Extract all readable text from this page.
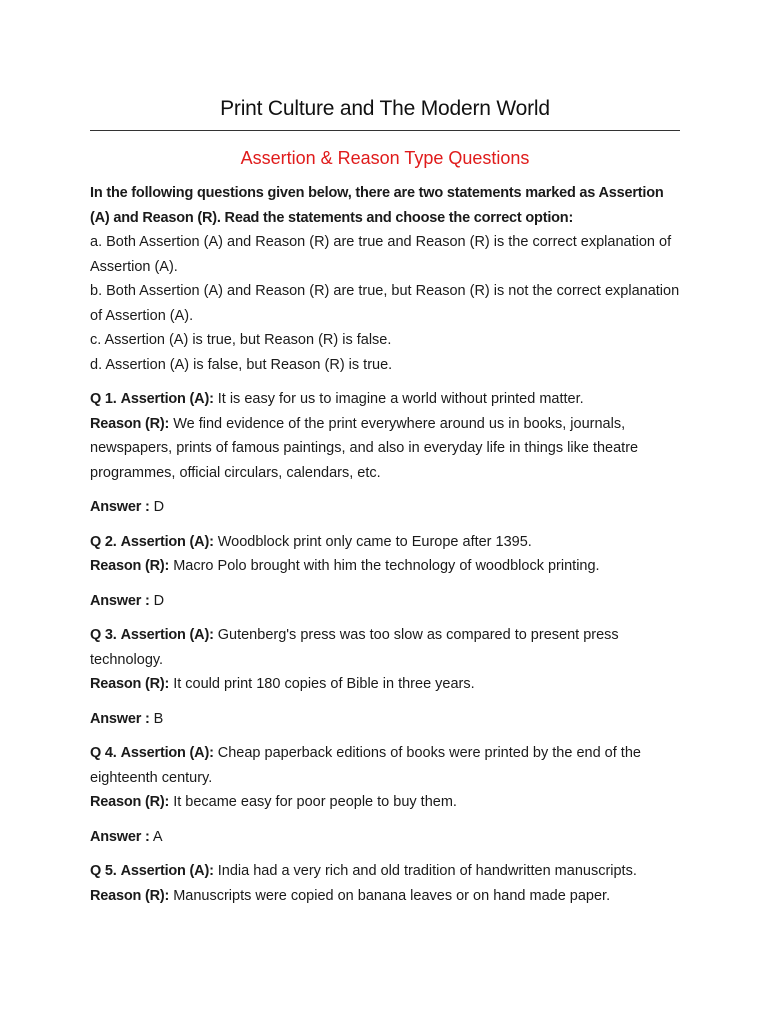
Print Culture and The Modern World
Assertion & Reason Type Questions
In the following questions given below, there are two statements marked as Assertion (A) and Reason (R). Read the statements and choose the correct option:
a. Both Assertion (A) and Reason (R) are true and Reason (R) is the correct explanation of Assertion (A).
b. Both Assertion (A) and Reason (R) are true, but Reason (R) is not the correct explanation of Assertion (A).
c. Assertion (A) is true, but Reason (R) is false.
d. Assertion (A) is false, but Reason (R) is true.
Q 1. Assertion (A): It is easy for us to imagine a world without printed matter.
Reason (R): We find evidence of the print everywhere around us in books, journals, newspapers, prints of famous paintings, and also in everyday life in things like theatre programmes, official circulars, calendars, etc.
Answer : D
Q 2. Assertion (A): Woodblock print only came to Europe after 1395.
Reason (R): Macro Polo brought with him the technology of woodblock printing.
Answer : D
Q 3. Assertion (A): Gutenberg's press was too slow as compared to present press technology.
Reason (R): It could print 180 copies of Bible in three years.
Answer : B
Q 4. Assertion (A): Cheap paperback editions of books were printed by the end of the eighteenth century.
Reason (R): It became easy for poor people to buy them.
Answer : A
Q 5. Assertion (A): India had a very rich and old tradition of handwritten manuscripts.
Reason (R): Manuscripts were copied on banana leaves or on hand made paper.
